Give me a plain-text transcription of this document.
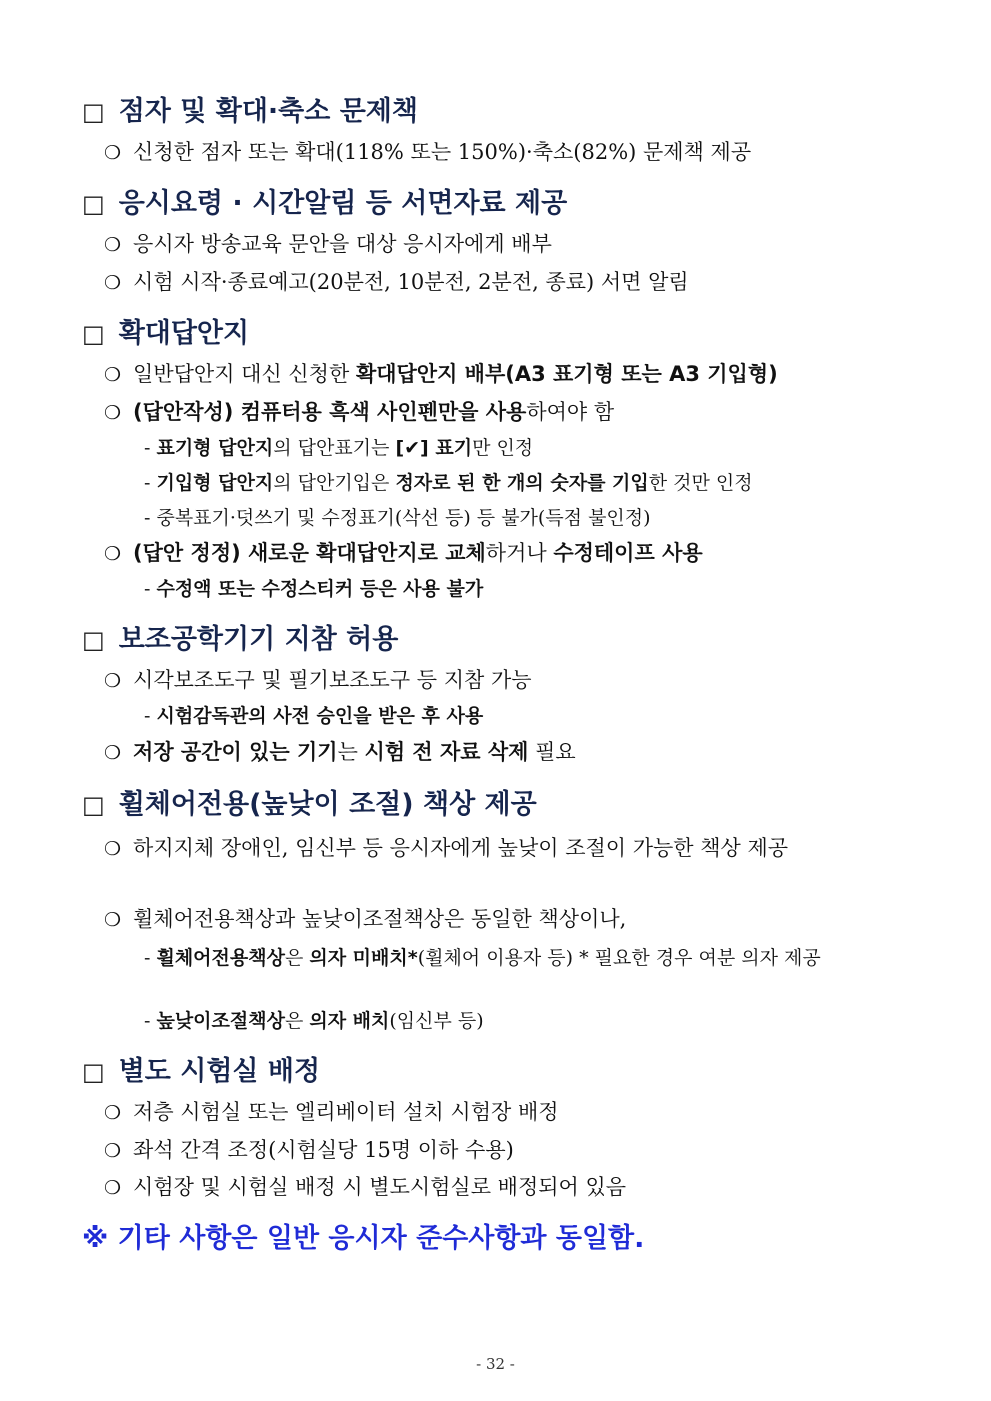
□ 점자 및 확대·축소 문제책
❍ 신청한 점자 또는 확대(118% 또는 150%)·축소(82%) 문제책 제공
□ 응시요령 · 시간알림 등 서면자료 제공
❍ 응시자 방송교육 문안을 대상 응시자에게 배부
❍ 시험 시작·종료예고(20분전, 10분전, 2분전, 종료) 서면 알림
□ 확대답안지
❍ 일반답안지 대신 신청한 확대답안지 배부(A3 표기형 또는 A3 기입형)
❍ (답안작성) 컴퓨터용 흑색 사인펜만을 사용하여야 함
- 표기형 답안지의 답안표기는 [✔] 표기만 인정
- 기입형 답안지의 답안기입은 정자로 된 한 개의 숫자를 기입한 것만 인정
- 중복표기·덧쓰기 및 수정표기(삭선 등) 등 불가(득점 불인정)
❍ (답안 정정) 새로운 확대답안지로 교체하거나 수정테이프 사용
- 수정액 또는 수정스티커 등은 사용 불가
□ 보조공학기기 지참 허용
❍ 시각보조도구 및 필기보조도구 등 지참 가능
- 시험감독관의 사전 승인을 받은 후 사용
❍ 저장 공간이 있는 기기는 시험 전 자료 삭제 필요
□ 휠체어전용(높낮이 조절) 책상 제공
❍ 하지지체 장애인, 임신부 등 응시자에게 높낮이 조절이 가능한 책상 제공
❍ 휠체어전용책상과 높낮이조절책상은 동일한 책상이나,
- 휠체어전용책상은 의자 미배치*(휠체어 이용자 등) * 필요한 경우 여분 의자 제공
- 높낮이조절책상은 의자 배치(임신부 등)
□ 별도 시험실 배정
❍ 저층 시험실 또는 엘리베이터 설치 시험장 배정
❍ 좌석 간격 조정(시험실당 15명 이하 수용)
❍ 시험장 및 시험실 배정 시 별도시험실로 배정되어 있음
※ 기타 사항은 일반 응시자 준수사항과 동일함.
- 32 -
